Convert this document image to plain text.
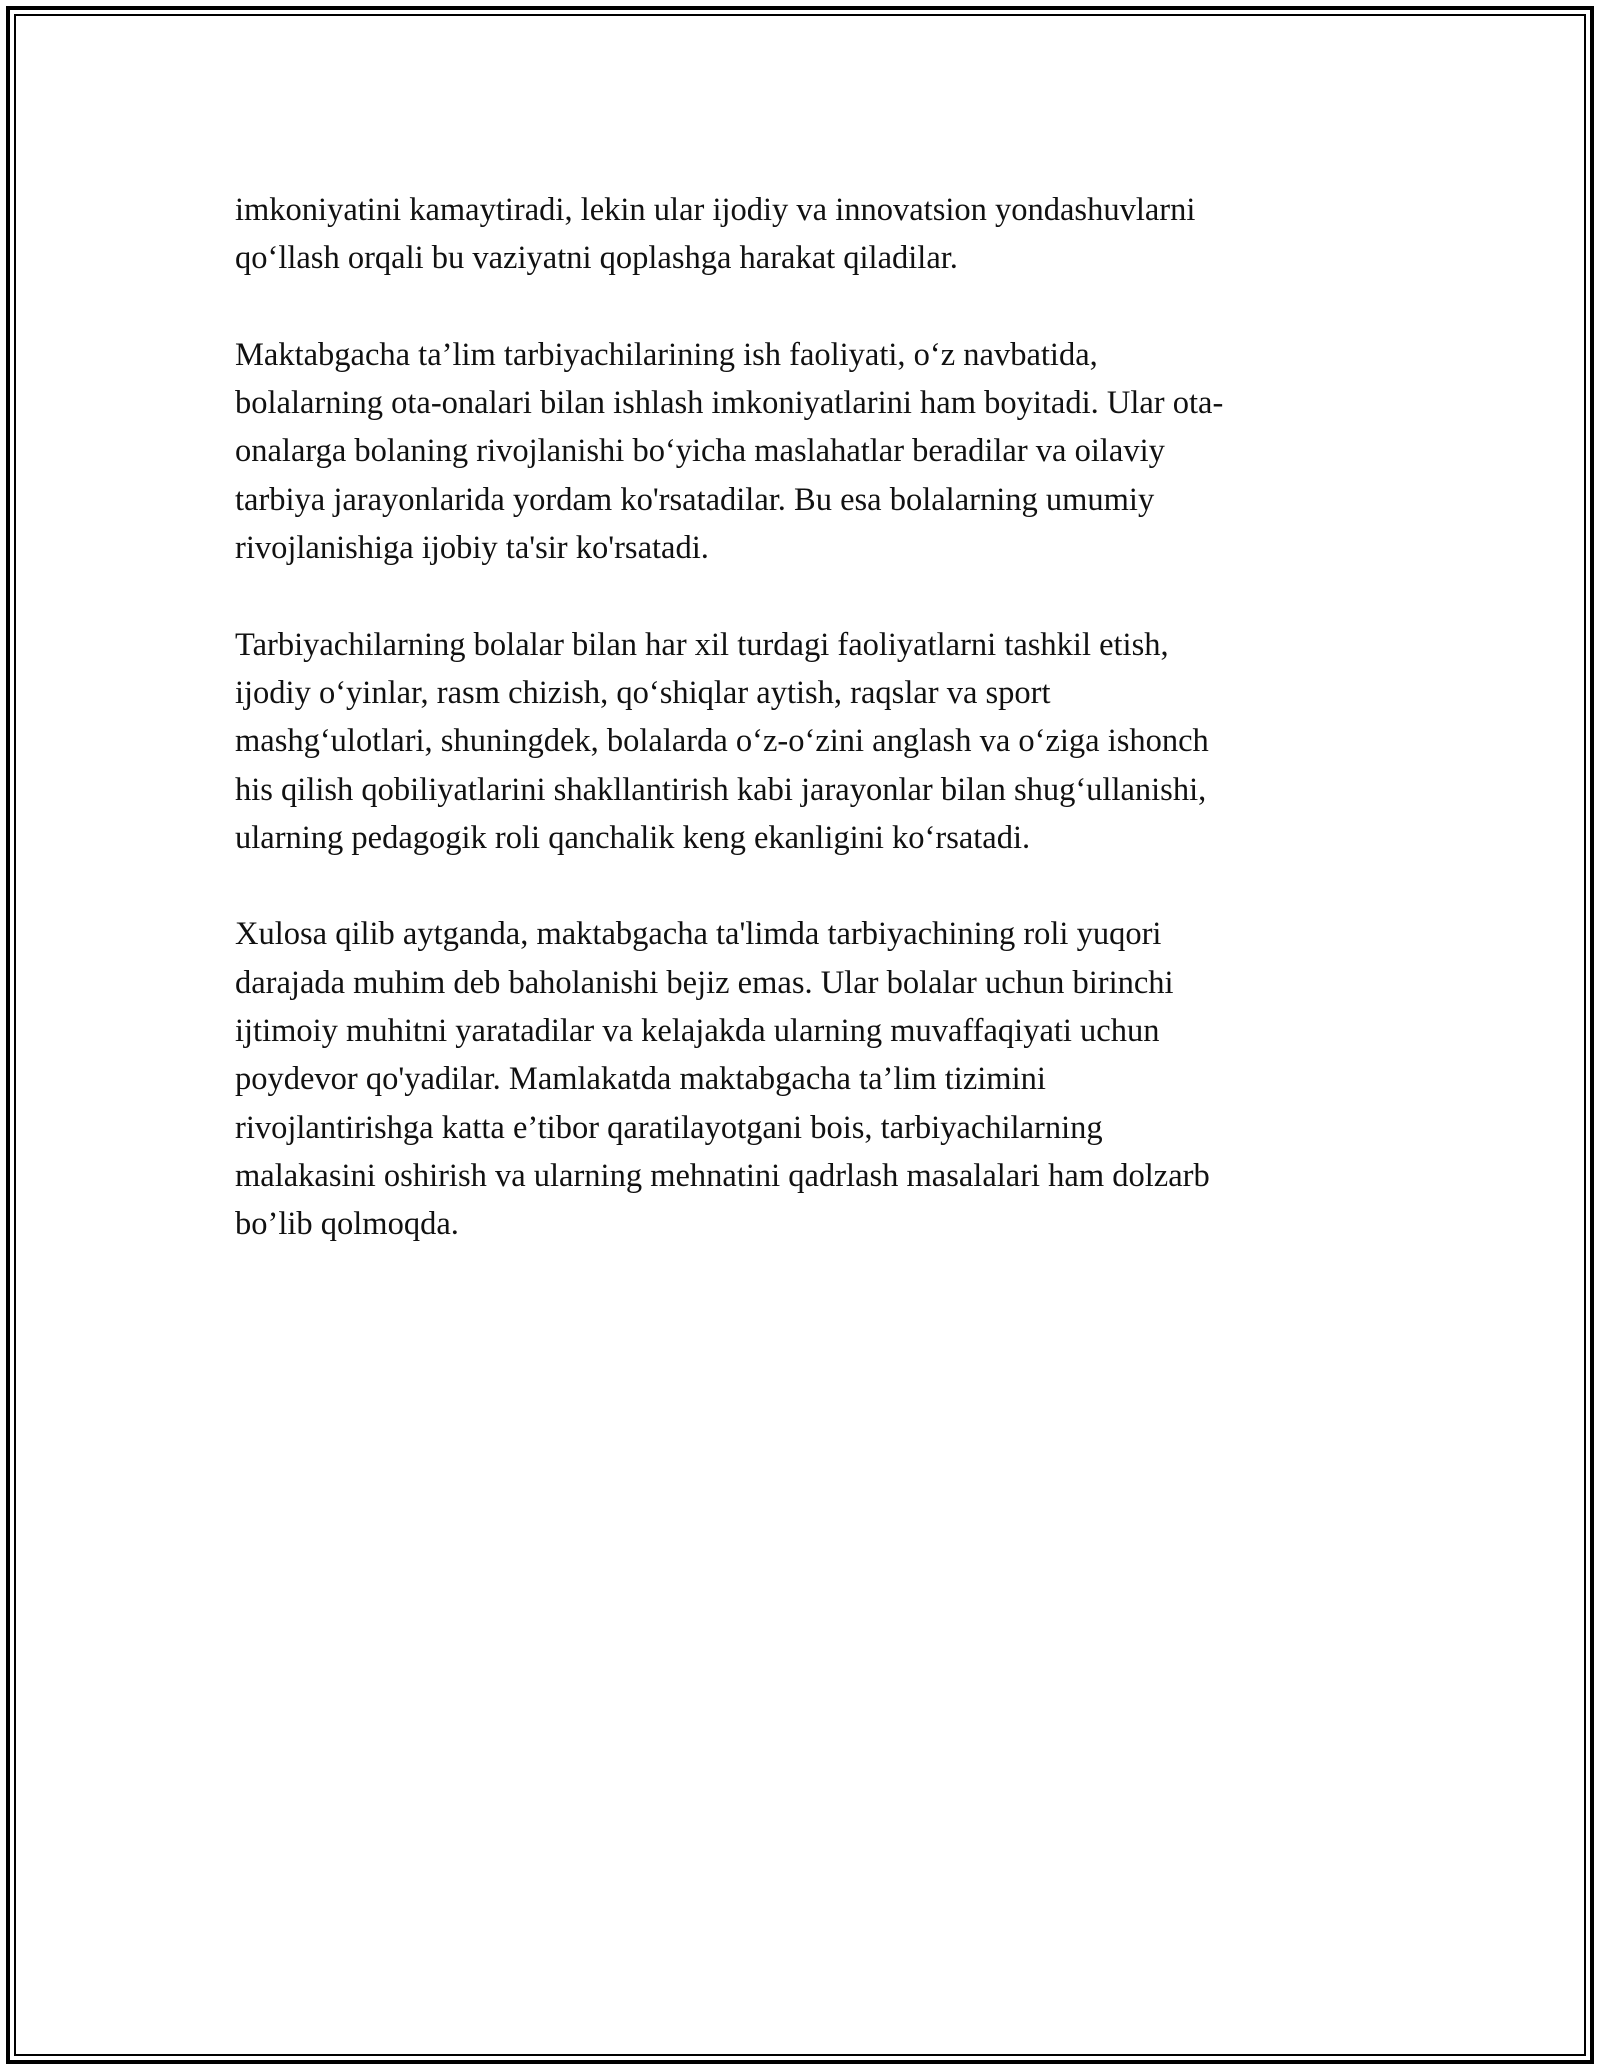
imkoniyatini kamaytiradi, lekin ular ijodiy va innovatsion yondashuvlarni
qo‘llash orqali bu vaziyatni qoplashga harakat qiladilar.
Maktabgacha ta’lim tarbiyachilarining ish faoliyati, o‘z navbatida,
bolalarning ota-onalari bilan ishlash imkoniyatlarini ham boyitadi. Ular ota-
onalarga bolaning rivojlanishi bo‘yicha maslahatlar beradilar va oilaviy
tarbiya jarayonlarida yordam ko'rsatadilar. Bu esa bolalarning umumiy
rivojlanishiga ijobiy ta'sir ko'rsatadi.
Tarbiyachilarning bolalar bilan har xil turdagi faoliyatlarni tashkil etish,
ijodiy o‘yinlar, rasm chizish, qo‘shiqlar aytish, raqslar va sport
mashg‘ulotlari, shuningdek, bolalarda o‘z-o‘zini anglash va o‘ziga ishonch
his qilish qobiliyatlarini shakllantirish kabi jarayonlar bilan shug‘ullanishi,
ularning pedagogik roli qanchalik keng ekanligini ko‘rsatadi.
Xulosa qilib aytganda, maktabgacha ta'limda tarbiyachining roli yuqori
darajada muhim deb baholanishi bejiz emas. Ular bolalar uchun birinchi
ijtimoiy muhitni yaratadilar va kelajakda ularning muvaffaqiyati uchun
poydevor qo'yadilar. Mamlakatda maktabgacha ta’lim tizimini
rivojlantirishga katta e’tibor qaratilayotgani bois, tarbiyachilarning
malakasini oshirish va ularning mehnatini qadrlash masalalari ham dolzarb
bo’lib qolmoqda.
